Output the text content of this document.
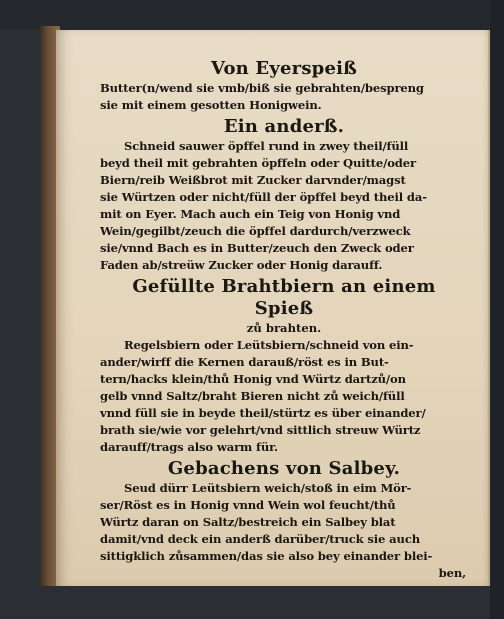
Von Eyerspeiß

Butter(n/wend sie vmb/biß sie gebrahten/bespreng

sie mit einem gesotten Honigwein.

Ein anderß.

Schneid sauwer öpffel rund in zwey theil/füll

beyd theil mit gebrahten öpffeln oder Quitte/oder

Biern/reib Weißbrot mit Zucker darvnder/magst

sie Würtzen oder nicht/füll der öpffel beyd theil da-

mit on Eyer. Mach auch ein Teig von Honig vnd

Wein/gegilbt/zeuch die öpffel dardurch/verzweck

sie/vnnd Bach es in Butter/zeuch den Zweck oder

Faden ab/streüw Zucker oder Honig darauff.

Gefüllte Brahtbiern an einem Spieß

zů brahten.

Regelsbiern oder Leütsbiern/schneid von ein-

ander/wirff die Kernen darauß/röst es in But-

tern/hacks klein/thů Honig vnd Würtz dartzů/on

gelb vnnd Saltz/braht Bieren nicht zů weich/füll

vnnd füll sie in beyde theil/stürtz es über einander/

brath sie/wie vor gelehrt/vnd sittlich streuw Würtz

darauff/trags also warm für.

Gebachens von Salbey.

Seud dürr Leütsbiern weich/stoß in eim Mör-

ser/Röst es in Honig vnnd Wein wol feucht/thů

Würtz daran on Saltz/bestreich ein Salbey blat

damit/vnd deck ein anderß darüber/truck sie auch

sittigklich zůsammen/das sie also bey einander blei-

ben,
